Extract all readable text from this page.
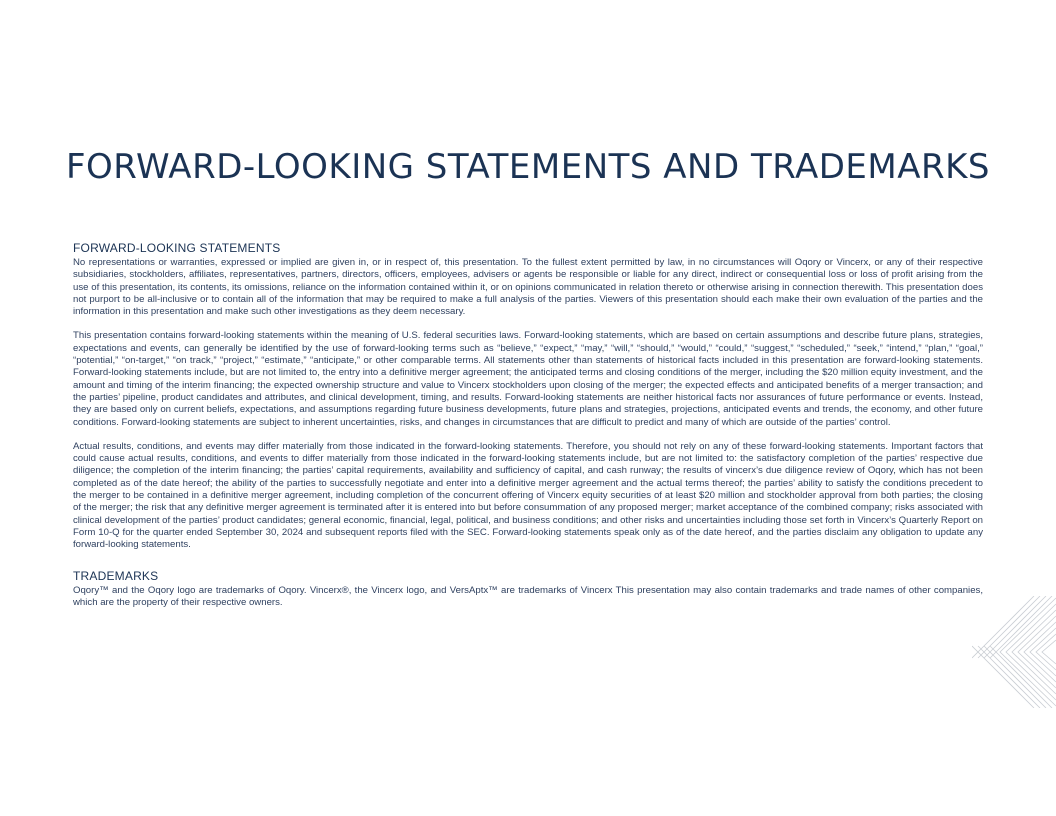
FORWARD-LOOKING STATEMENTS AND TRADEMARKS
FORWARD-LOOKING STATEMENTS

No representations or warranties, expressed or implied are given in, or in respect of, this presentation. To the fullest extent permitted by law, in no circumstances will Oqory or Vincerx, or any of their respective subsidiaries, stockholders, affiliates, representatives, partners, directors, officers, employees, advisers or agents be responsible or liable for any direct, indirect or consequential loss or loss of profit arising from the use of this presentation, its contents, its omissions, reliance on the information contained within it, or on opinions communicated in relation thereto or otherwise arising in connection therewith. This presentation does not purport to be all-inclusive or to contain all of the information that may be required to make a full analysis of the parties. Viewers of this presentation should each make their own evaluation of the parties and the information in this presentation and make such other investigations as they deem necessary.

This presentation contains forward-looking statements within the meaning of U.S. federal securities laws. Forward-looking statements, which are based on certain assumptions and describe future plans, strategies, expectations and events, can generally be identified by the use of forward-looking terms such as “believe,” “expect,” “may,” “will,” “should,” “would,” “could,” “suggest,” “scheduled,” “seek,” “intend,” “plan,” “goal,” “potential,” “on-target,” “on track,” “project,” “estimate,” “anticipate,” or other comparable terms. All statements other than statements of historical facts included in this presentation are forward-looking statements. Forward-looking statements include, but are not limited to, the entry into a definitive merger agreement; the anticipated terms and closing conditions of the merger, including the $20 million equity investment, and the amount and timing of the interim financing; the expected ownership structure and value to Vincerx stockholders upon closing of the merger; the expected effects and anticipated benefits of a merger transaction; and the parties’ pipeline, product candidates and attributes, and clinical development, timing, and results. Forward-looking statements are neither historical facts nor assurances of future performance or events. Instead, they are based only on current beliefs, expectations, and assumptions regarding future business developments, future plans and strategies, projections, anticipated events and trends, the economy, and other future conditions. Forward-looking statements are subject to inherent uncertainties, risks, and changes in circumstances that are difficult to predict and many of which are outside of the parties’ control.

Actual results, conditions, and events may differ materially from those indicated in the forward-looking statements. Therefore, you should not rely on any of these forward-looking statements. Important factors that could cause actual results, conditions, and events to differ materially from those indicated in the forward-looking statements include, but are not limited to: the satisfactory completion of the parties’ respective due diligence; the completion of the interim financing; the parties’ capital requirements, availability and sufficiency of capital, and cash runway; the results of vincerx’s due diligence review of Oqory, which has not been completed as of the date hereof; the ability of the parties to successfully negotiate and enter into a definitive merger agreement and the actual terms thereof; the parties’ ability to satisfy the conditions precedent to the merger to be contained in a definitive merger agreement, including completion of the concurrent offering of Vincerx equity securities of at least $20 million and stockholder approval from both parties; the closing of the merger; the risk that any definitive merger agreement is terminated after it is entered into but before consummation of any proposed merger; market acceptance of the combined company; risks associated with clinical development of the parties’ product candidates; general economic, financial, legal, political, and business conditions; and other risks and uncertainties including those set forth in Vincerx’s Quarterly Report on Form 10-Q for the quarter ended September 30, 2024 and subsequent reports filed with the SEC. Forward-looking statements speak only as of the date hereof, and the parties disclaim any obligation to update any forward-looking statements.

TRADEMARKS

Oqory™ and the Oqory logo are trademarks of Oqory. Vincerx®, the Vincerx logo, and VersAptx™ are trademarks of Vincerx This presentation may also contain trademarks and trade names of other companies, which are the property of their respective owners.
